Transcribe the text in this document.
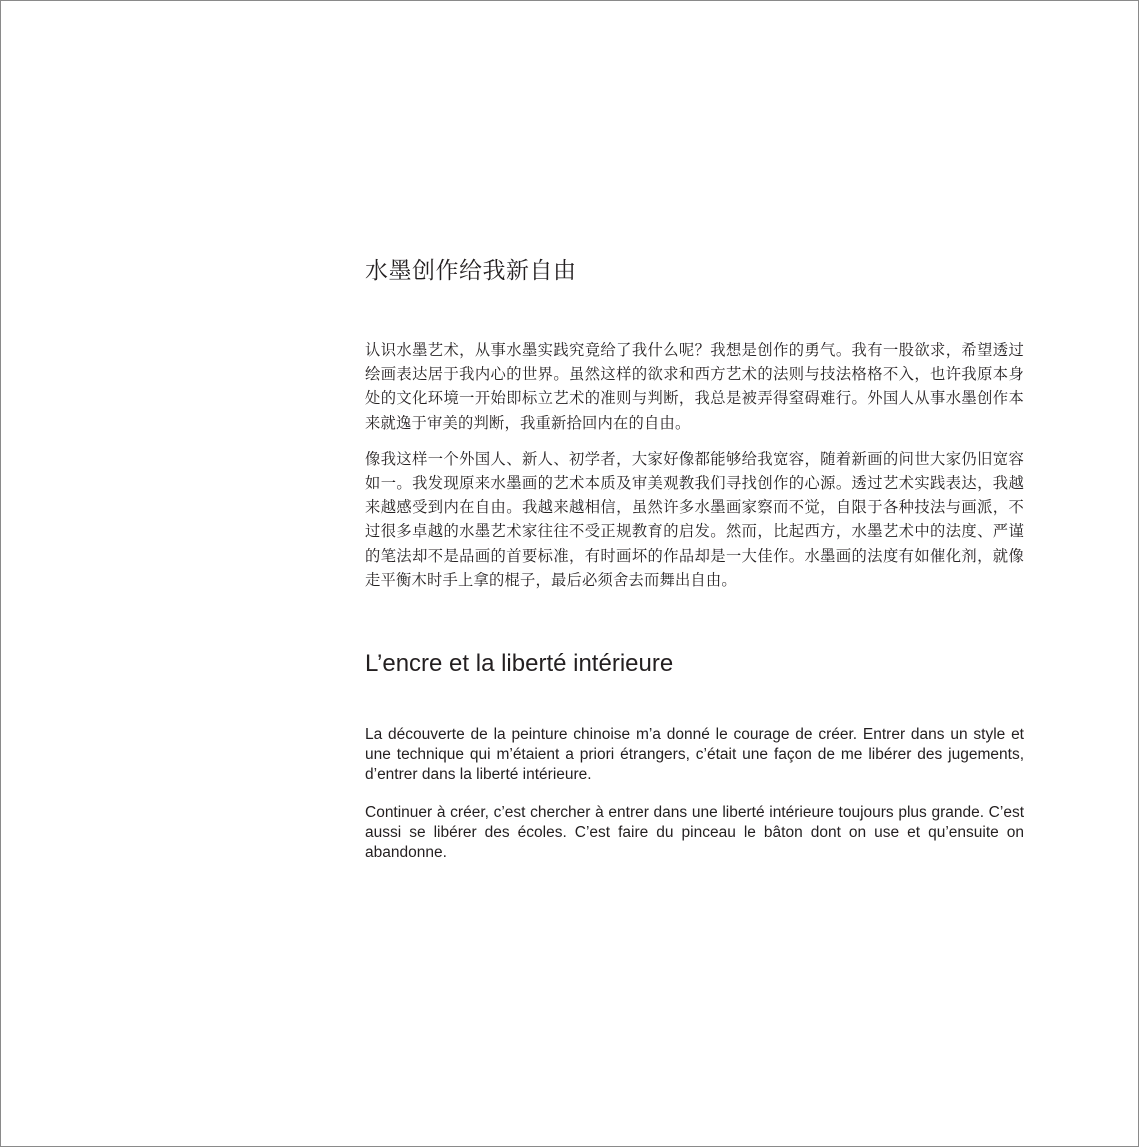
水墨创作给我新自由

认识水墨艺术，从事水墨实践究竟给了我什么呢？我想是创作的勇气。我有一股欲求，希望透过绘画表达居于我内心的世界。虽然这样的欲求和西方艺术的法则与技法格格不入，也许我原本身处的文化环境一开始即标立艺术的准则与判断，我总是被弄得窒碍难行。外国人从事水墨创作本来就逸于审美的判断，我重新拾回内在的自由。

像我这样一个外国人、新人、初学者，大家好像都能够给我宽容，随着新画的问世大家仍旧宽容如一。我发现原来水墨画的艺术本质及审美观教我们寻找创作的心源。透过艺术实践表达，我越来越感受到内在自由。我越来越相信，虽然许多水墨画家察而不觉，自限于各种技法与画派，不过很多卓越的水墨艺术家往往不受正规教育的启发。然而，比起西方，水墨艺术中的法度、严谨的笔法却不是品画的首要标准，有时画坏的作品却是一大佳作。水墨画的法度有如催化剂，就像走平衡木时手上拿的棍子，最后必须舍去而舞出自由。

L’encre et la liberté intérieure

La découverte de la peinture chinoise m’a donné le courage de créer. Entrer dans un style et une technique qui m’étaient a priori étrangers, c’était une façon de me libérer des jugements, d’entrer dans la liberté intérieure.

Continuer à créer, c’est chercher à entrer dans une liberté intérieure toujours plus grande. C’est aussi se libérer des écoles. C’est faire du pinceau le bâton dont on use et qu’ensuite on abandonne.
